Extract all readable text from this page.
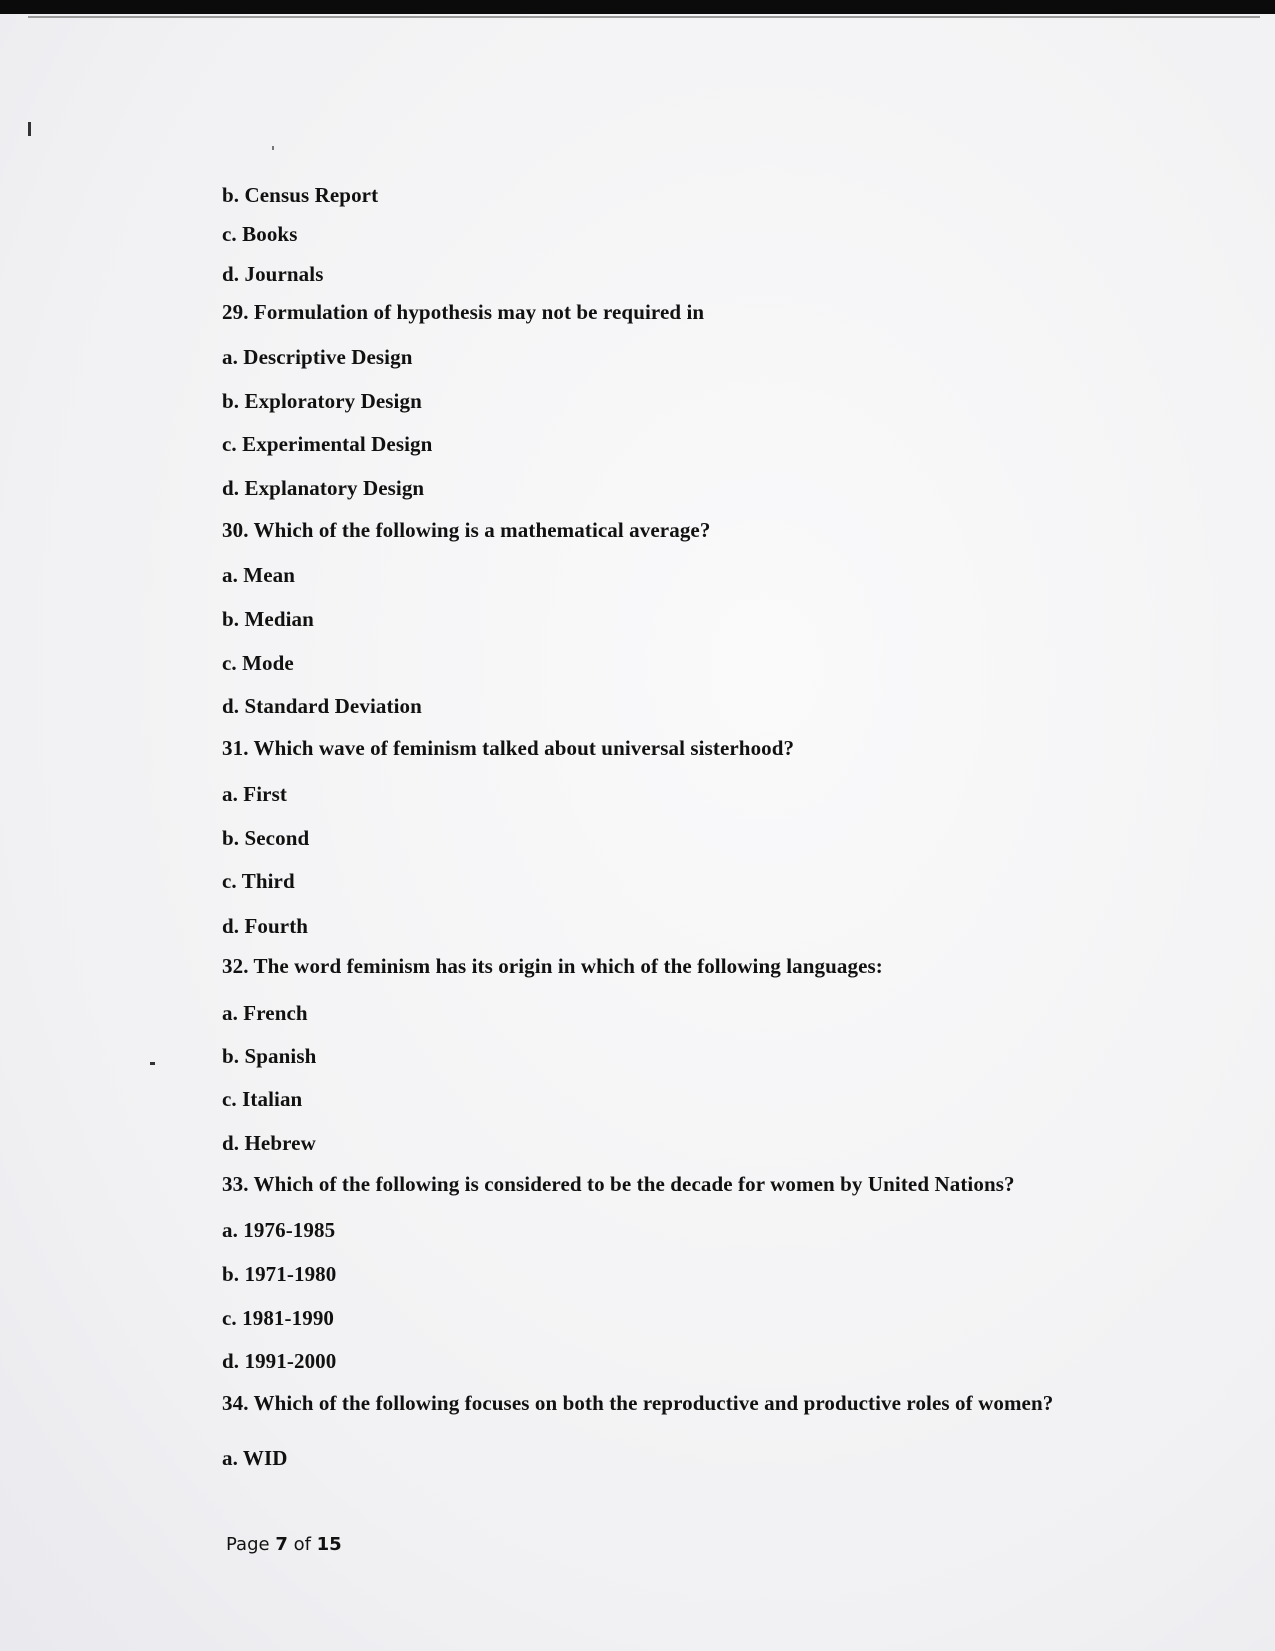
b. Census Report
c. Books
d. Journals
29. Formulation of hypothesis may not be required in
a. Descriptive Design
b. Exploratory Design
c. Experimental Design
d. Explanatory Design
30. Which of the following is a mathematical average?
a. Mean
b. Median
c. Mode
d. Standard Deviation
31. Which wave of feminism talked about universal sisterhood?
a. First
b. Second
c. Third
d. Fourth
32. The word feminism has its origin in which of the following languages:
a. French
b. Spanish
c. Italian
d. Hebrew
33. Which of the following is considered to be the decade for women by United Nations?
a. 1976-1985
b. 1971-1980
c. 1981-1990
d. 1991-2000
34. Which of the following focuses on both the reproductive and productive roles of women?
a. WID
Page 7 of 15
